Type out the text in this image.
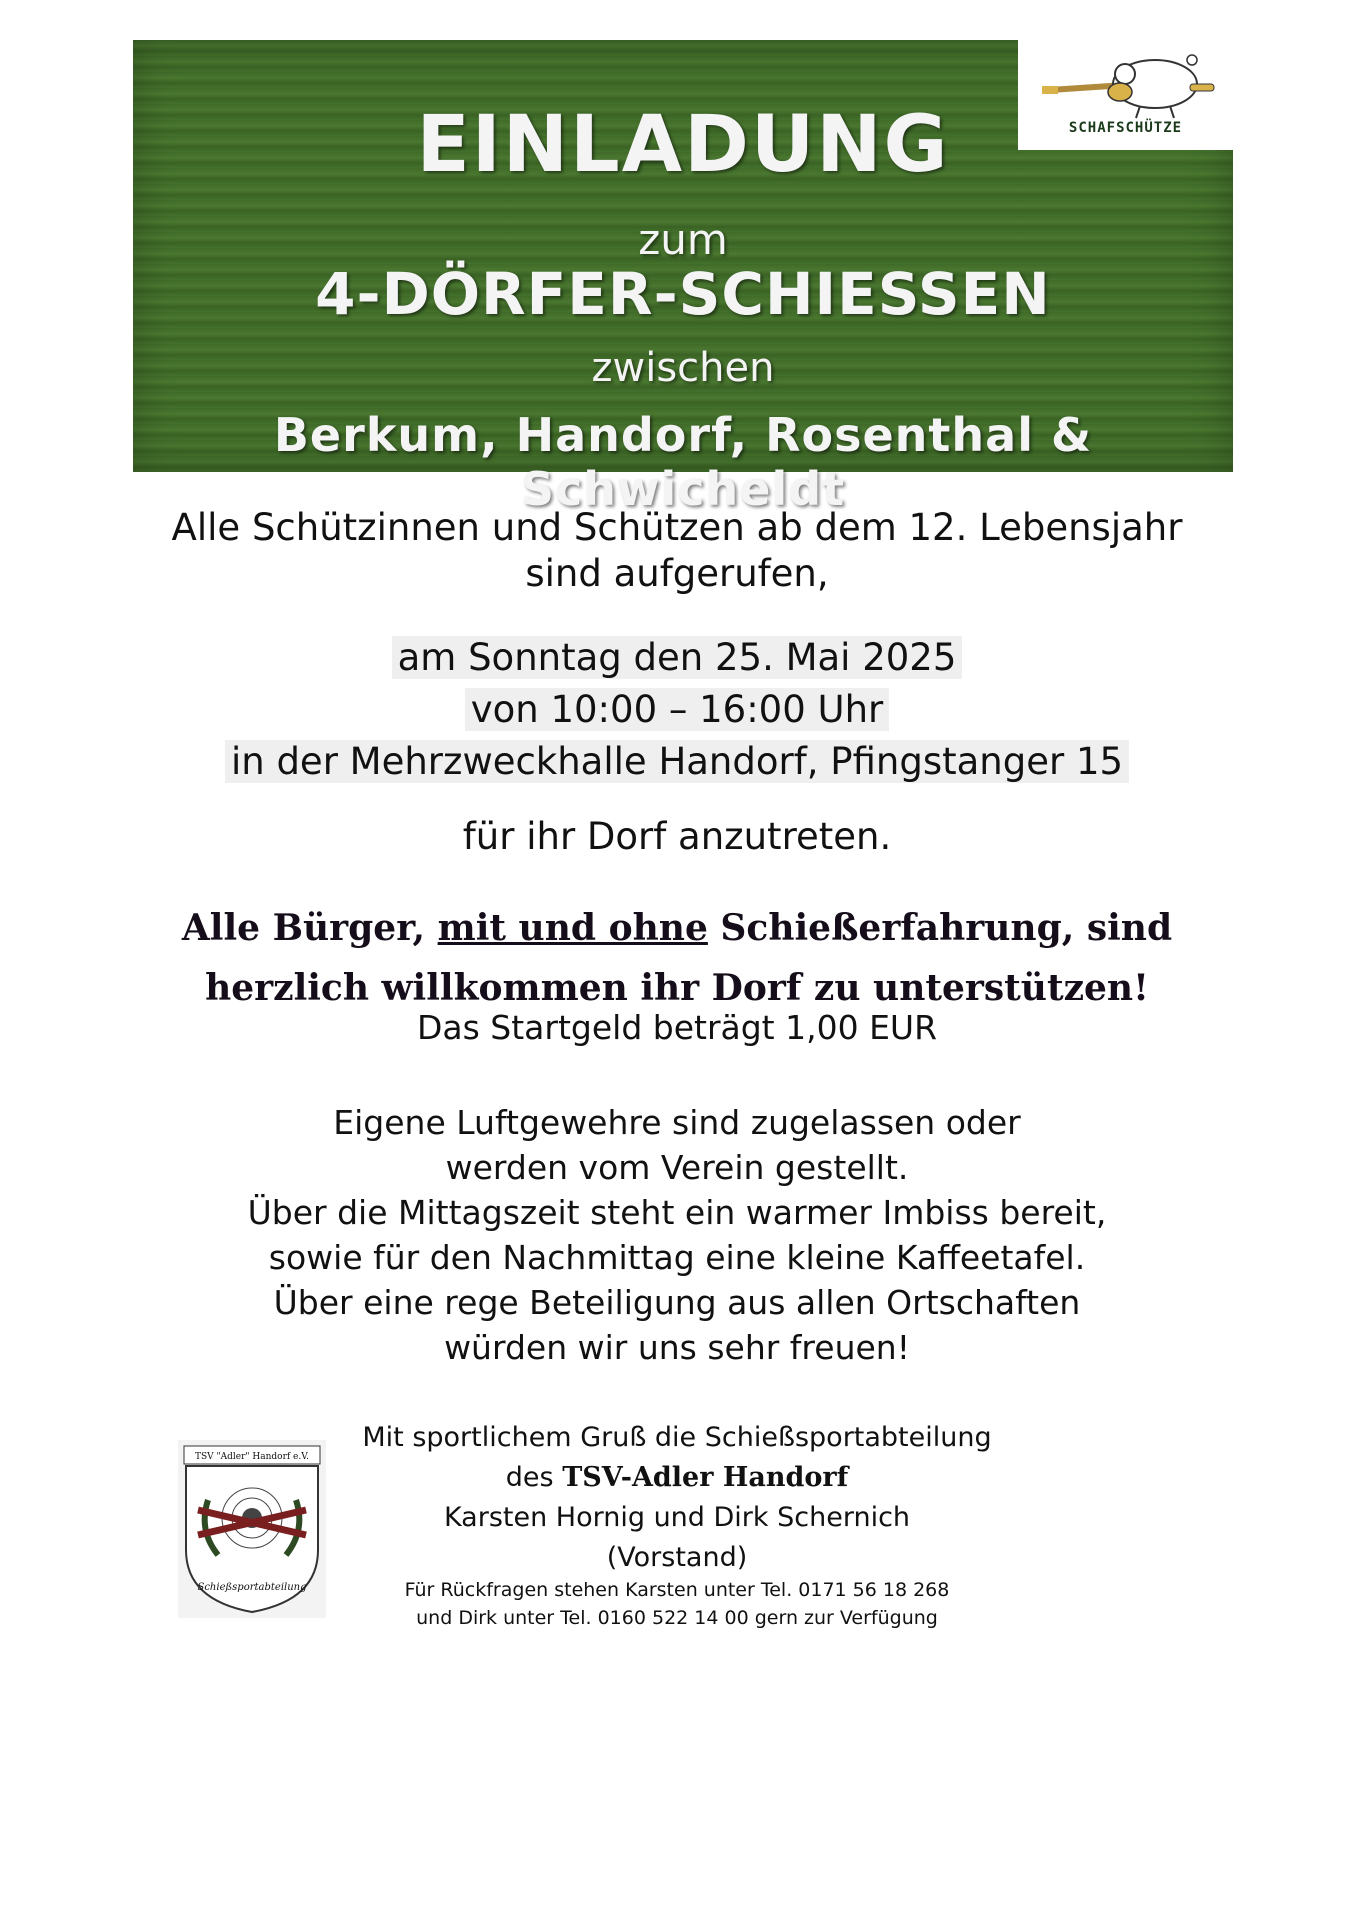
EINLADUNG
zum
4-DÖRFER-SCHIESSEN
zwischen
Berkum, Handorf, Rosenthal & Schwicheldt
SCHAFSCHÜTZE
Alle Schützinnen und Schützen ab dem 12. Lebensjahr
sind aufgerufen,
am Sonntag den 25. Mai 2025
von 10:00 – 16:00 Uhr
in der Mehrzweckhalle Handorf, Pfingstanger 15
für ihr Dorf anzutreten.
Alle Bürger, mit und ohne Schießerfahrung, sind
herzlich willkommen ihr Dorf zu unterstützen!
Das Startgeld beträgt 1,00 EUR
Eigene Luftgewehre sind zugelassen oder
werden vom Verein gestellt.
Über die Mittagszeit steht ein warmer Imbiss bereit,
sowie für den Nachmittag eine kleine Kaffeetafel.
Über eine rege Beteiligung aus allen Ortschaften
würden wir uns sehr freuen!
TSV "Adler" Handorf e.V.
Schießsportabteilung
Mit sportlichem Gruß die Schießsportabteilung
des TSV-Adler Handorf
Karsten Hornig und Dirk Schernich
(Vorstand)
Für Rückfragen stehen Karsten unter Tel. 0171 56 18 268
und Dirk unter Tel. 0160 522 14 00 gern zur Verfügung
